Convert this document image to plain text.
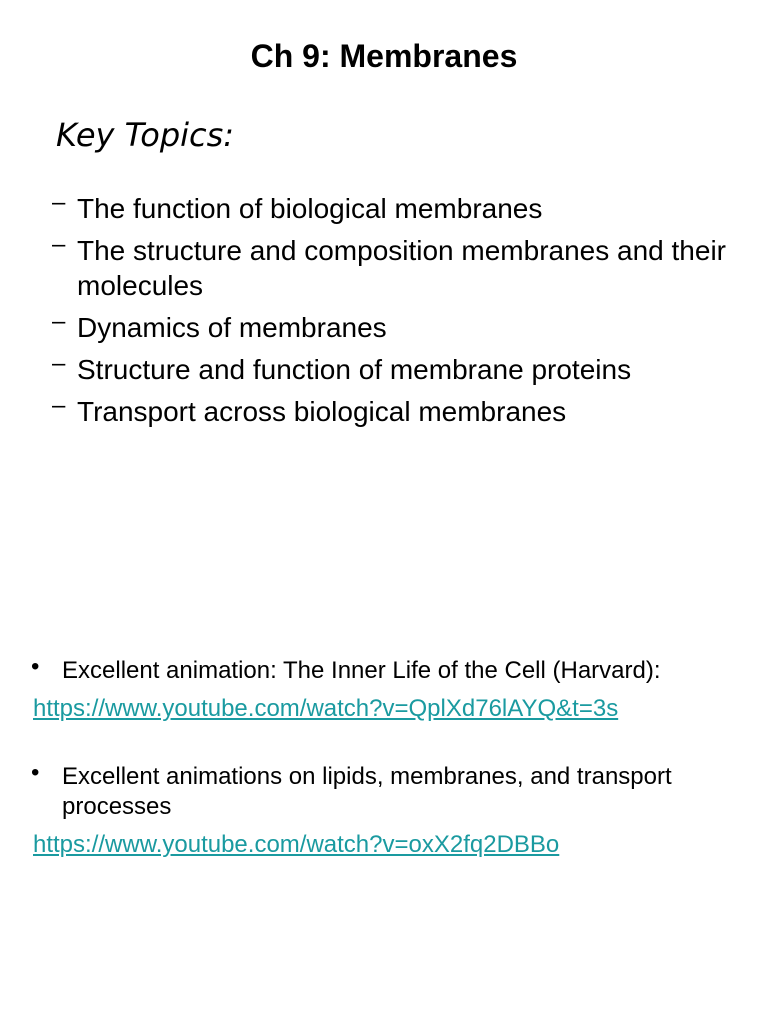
Ch 9: Membranes
Key Topics:
– The function of biological membranes
– The structure and composition membranes and their molecules
– Dynamics of membranes
– Structure and function of membrane proteins
– Transport across biological membranes
• Excellent animation: The Inner Life of the Cell (Harvard):
https://www.youtube.com/watch?v=QplXd76lAYQ&t=3s
• Excellent animations on lipids, membranes, and transport processes
https://www.youtube.com/watch?v=oxX2fq2DBBo
